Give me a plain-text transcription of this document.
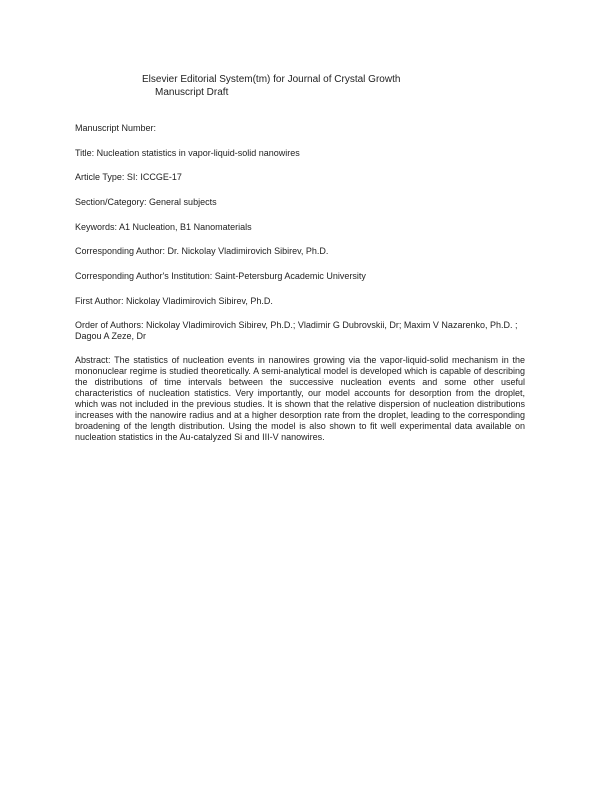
Elsevier Editorial System(tm) for Journal of Crystal Growth
Manuscript Draft
Manuscript Number:
Title: Nucleation statistics in vapor-liquid-solid nanowires
Article Type: SI: ICCGE-17
Section/Category: General subjects
Keywords: A1 Nucleation, B1 Nanomaterials
Corresponding Author: Dr. Nickolay Vladimirovich Sibirev, Ph.D.
Corresponding Author's Institution: Saint-Petersburg Academic University
First Author: Nickolay Vladimirovich Sibirev, Ph.D.
Order of Authors: Nickolay Vladimirovich Sibirev, Ph.D.; Vladimir G Dubrovskii, Dr; Maxim V Nazarenko, Ph.D. ; Dagou A Zeze, Dr
Abstract: The statistics of nucleation events in nanowires growing via the vapor-liquid-solid mechanism in the mononuclear regime is studied theoretically. A semi-analytical model is developed which is capable of describing the distributions of time intervals between the successive nucleation events and some other useful characteristics of nucleation statistics. Very importantly, our model accounts for desorption from the droplet, which was not included in the previous studies. It is shown that the relative dispersion of nucleation distributions increases with the nanowire radius and at a higher desorption rate from the droplet, leading to the corresponding broadening of the length distribution. Using the model is also shown to fit well experimental data available on nucleation statistics in the Au-catalyzed Si and III-V nanowires.
